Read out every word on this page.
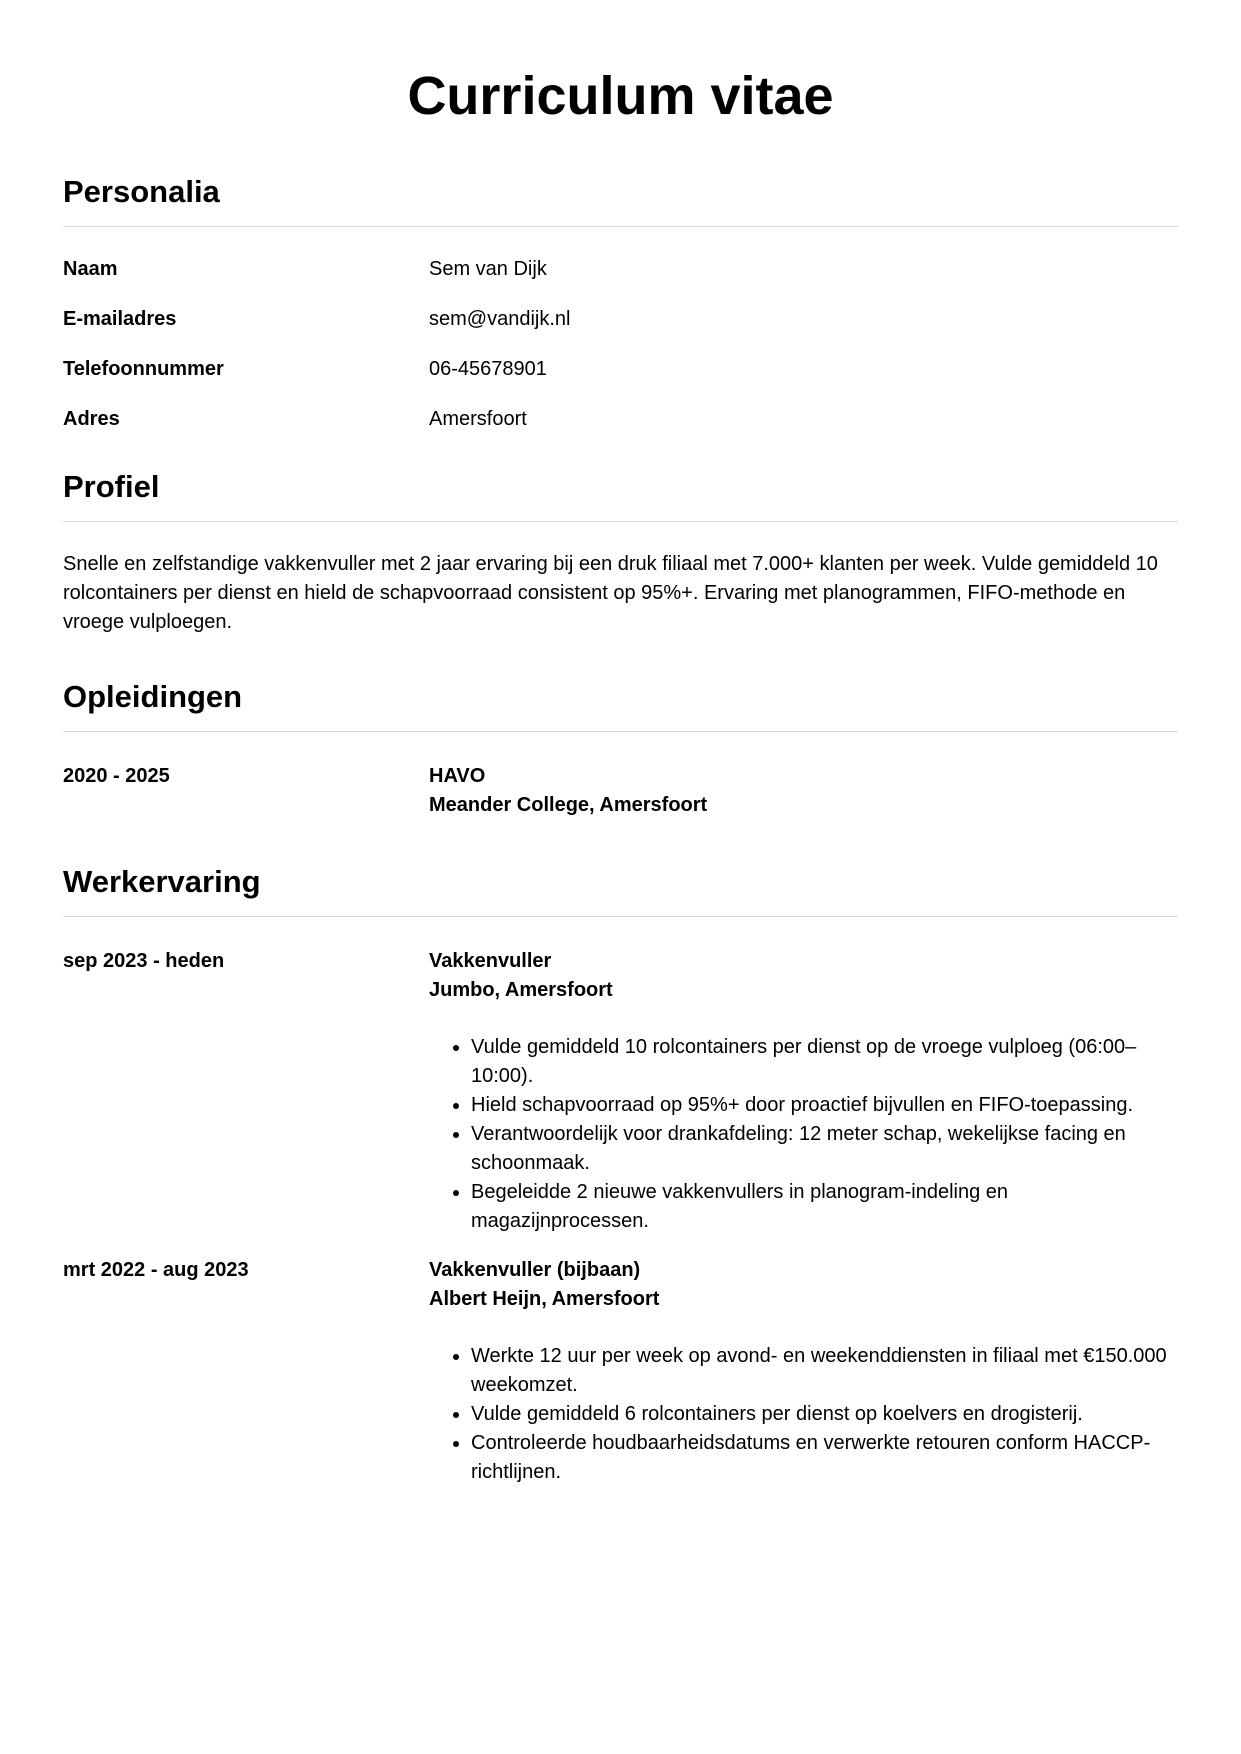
Curriculum vitae
Personalia
Naam	Sem van Dijk
E-mailadres	sem@vandijk.nl
Telefoonnummer	06-45678901
Adres	Amersfoort
Profiel

Snelle en zelfstandige vakkenvuller met 2 jaar ervaring bij een druk filiaal met 7.000+ klanten per week. Vulde gemiddeld 10 rolcontainers per dienst en hield de schapvoorraad consistent op 95%+. Ervaring met planogrammen, FIFO-methode en vroege vulploegen.

Opleidingen
2020 - 2025	HAVO
Meander College, Amersfoort
Werkervaring
sep 2023 - heden	Vakkenvuller
Jumbo, Amersfoort
• Vulde gemiddeld 10 rolcontainers per dienst op de vroege vulploeg (06:00–10:00).
• Hield schapvoorraad op 95%+ door proactief bijvullen en FIFO-toepassing.
• Verantwoordelijk voor drankafdeling: 12 meter schap, wekelijkse facing en schoonmaak.
• Begeleidde 2 nieuwe vakkenvullers in planogram-indeling en magazijnprocessen.
mrt 2022 - aug 2023	Vakkenvuller (bijbaan)
Albert Heijn, Amersfoort
• Werkte 12 uur per week op avond- en weekenddiensten in filiaal met €150.000 weekomzet.
• Vulde gemiddeld 6 rolcontainers per dienst op koelvers en drogisterij.
• Controleerde houdbaarheidsdatums en verwerkte retouren conform HACCP-richtlijnen.
